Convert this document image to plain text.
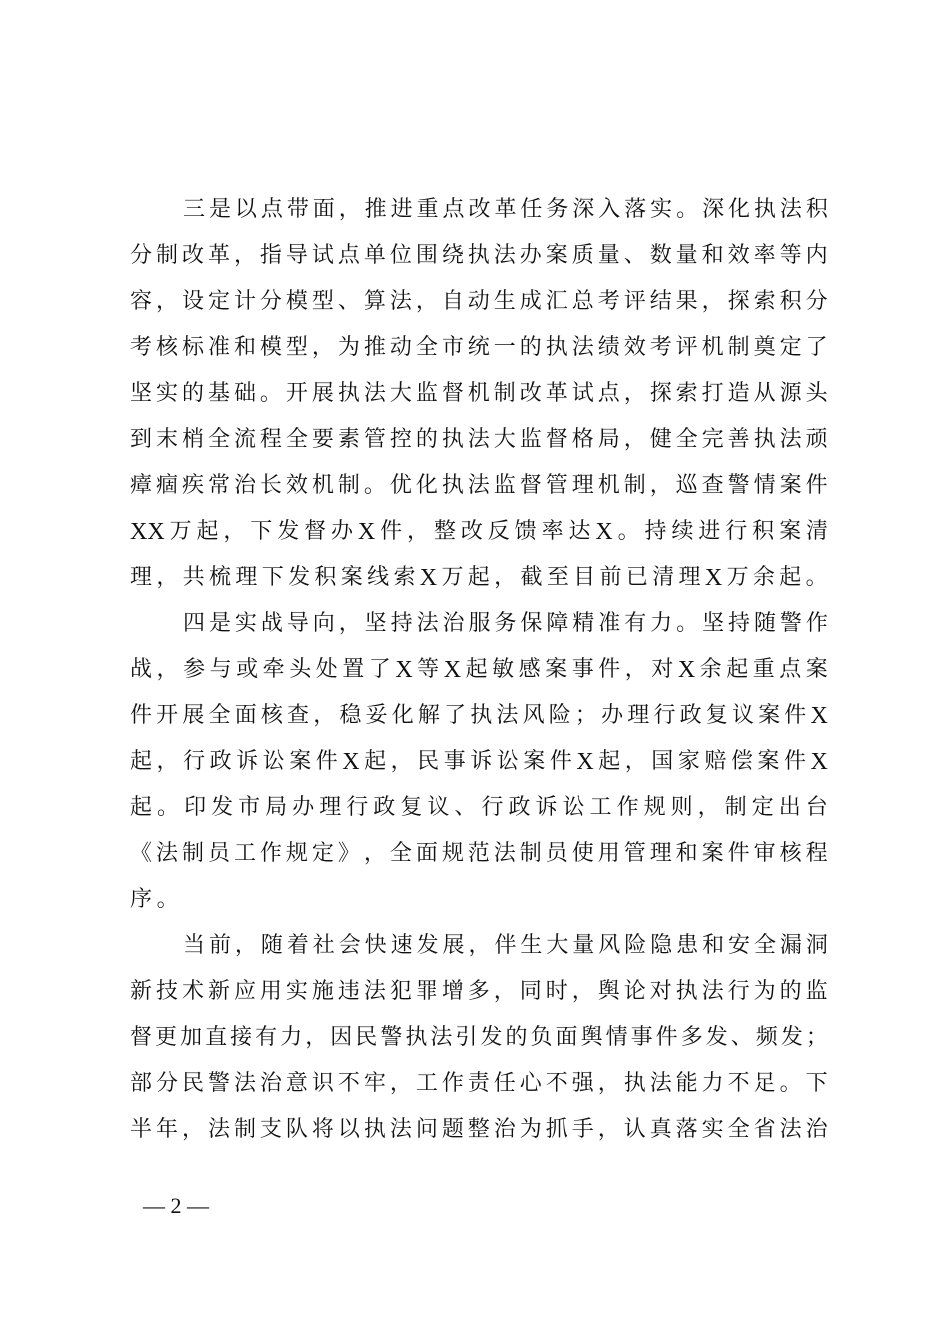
三 是 以 点 带 面 ， 推 进 重 点 改 革 任 务 深 入 落 实 。 深 化 执 法 积
分 制 改 革 ， 指 导 试 点 单 位 围 绕 执 法 办 案 质 量 、 数 量 和 效 率 等 内
容 ， 设 定 计 分 模 型 、 算 法 ， 自 动 生 成 汇 总 考 评 结 果 ， 探 索 积 分
考 核 标 准 和 模 型 ， 为 推 动 全 市 统 一 的 执 法 绩 效 考 评 机 制 奠 定 了
坚 实 的 基 础 。 开 展 执 法 大 监 督 机 制 改 革 试 点 ， 探 索 打 造 从 源 头
到 末 梢 全 流 程 全 要 素 管 控 的 执 法 大 监 督 格 局 ， 健 全 完 善 执 法 顽
瘴 痼 疾 常 治 长 效 机 制 。 优 化 执 法 监 督 管 理 机 制 ， 巡 查 警 情 案 件
XX 万 起 ， 下 发 督 办 X 件 ， 整 改 反 馈 率 达 X 。 持 续 进 行 积 案 清
理 ， 共 梳 理 下 发 积 案 线 索 X 万 起 ， 截 至 目 前 已 清 理 X 万 余 起 。
四 是 实 战 导 向 ， 坚 持 法 治 服 务 保 障 精 准 有 力 。 坚 持 随 警 作
战 ， 参 与 或 牵 头 处 置 了 X 等 X 起 敏 感 案 事 件 ， 对 X 余 起 重 点 案
件 开 展 全 面 核 查 ， 稳 妥 化 解 了 执 法 风 险 ； 办 理 行 政 复 议 案 件 X
起 ， 行 政 诉 讼 案 件 X 起 ， 民 事 诉 讼 案 件 X 起 ， 国 家 赔 偿 案 件 X
起 。 印 发 市 局 办 理 行 政 复 议 、 行 政 诉 讼 工 作 规 则 ， 制 定 出 台
《 法 制 员 工 作 规 定 》 ， 全 面 规 范 法 制 员 使 用 管 理 和 案 件 审 核 程
序。
当 前 ， 随 着 社 会 快 速 发 展 ， 伴 生 大 量 风 险 隐 患 和 安 全 漏 洞
新 技 术 新 应 用 实 施 违 法 犯 罪 增 多 ， 同 时 ， 舆 论 对 执 法 行 为 的 监
督 更 加 直 接 有 力 ， 因 民 警 执 法 引 发 的 负 面 舆 情 事 件 多 发 、 频 发 ；
部 分 民 警 法 治 意 识 不 牢 ， 工 作 责 任 心 不 强 ， 执 法 能 力 不 足 。 下
半 年 ， 法 制 支 队 将 以 执 法 问 题 整 治 为 抓 手 ， 认 真 落 实 全 省 法 治
— 2 —
